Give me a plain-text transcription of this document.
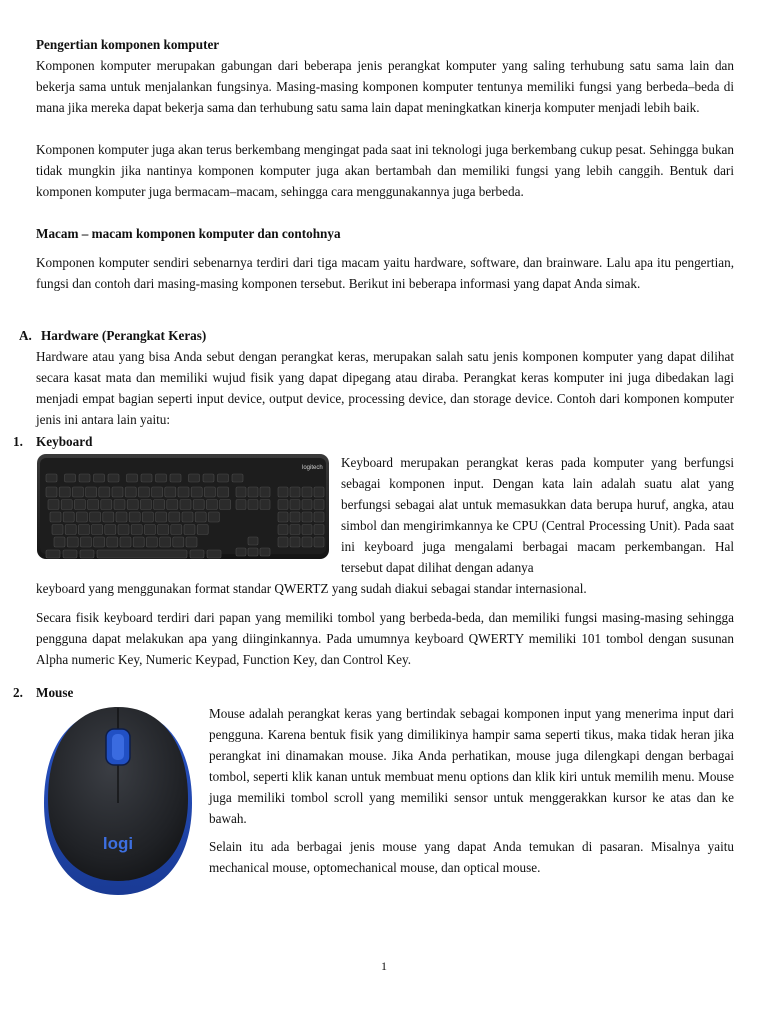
Pengertian komponen komputer

Komponen komputer merupakan gabungan dari beberapa jenis perangkat komputer yang saling terhubung satu sama lain dan bekerja sama untuk menjalankan fungsinya. Masing-masing komponen komputer tentunya memiliki fungsi yang berbeda–beda di mana jika mereka dapat bekerja sama dan terhubung satu sama lain dapat meningkatkan kinerja komputer menjadi lebih baik.

Komponen komputer juga akan terus berkembang mengingat pada saat ini teknologi juga berkembang cukup pesat. Sehingga bukan tidak mungkin jika nantinya komponen komputer juga akan bertambah dan memiliki fungsi yang lebih canggih. Bentuk dari komponen komputer juga bermacam–macam, sehingga cara menggunakannya juga berbeda.

Macam – macam komponen komputer dan contohnya

Komponen komputer sendiri sebenarnya terdiri dari tiga macam yaitu hardware, software, dan brainware. Lalu apa itu pengertian, fungsi dan contoh dari masing-masing komponen tersebut. Berikut ini beberapa informasi yang dapat Anda simak.

A. Hardware (Perangkat Keras)

Hardware atau yang bisa Anda sebut dengan perangkat keras, merupakan salah satu jenis komponen komputer yang dapat dilihat secara kasat mata dan memiliki wujud fisik yang dapat dipegang atau diraba. Perangkat keras komputer ini juga dibedakan lagi menjadi empat bagian seperti input device, output device, processing device, dan storage device. Contoh dari komponen komputer jenis ini antara lain yaitu:

1. Keyboard

logitech Keyboard merupakan perangkat keras pada komputer yang berfungsi sebagai komponen input. Dengan kata lain adalah suatu alat yang berfungsi sebagai alat untuk memasukkan data berupa huruf, angka, atau simbol dan mengirimkannya ke CPU (Central Processing Unit). Pada saat ini keyboard juga mengalami berbagai macam perkembangan. Hal tersebut dapat dilihat dengan adanya

keyboard yang menggunakan format standar QWERTZ yang sudah diakui sebagai standar internasional.

Secara fisik keyboard terdiri dari papan yang memiliki tombol yang berbeda-beda, dan memiliki fungsi masing-masing sehingga pengguna dapat melakukan apa yang diinginkannya. Pada umumnya keyboard QWERTY memiliki 101 tombol dengan susunan Alpha numeric Key, Numeric Keypad, Function Key, dan Control Key.

2. Mouse

logi

Mouse adalah perangkat keras yang bertindak sebagai komponen input yang menerima input dari pengguna. Karena bentuk fisik yang dimilikinya hampir sama seperti tikus, maka tidak heran jika perangkat ini dinamakan mouse. Jika Anda perhatikan, mouse juga dilengkapi dengan berbagai tombol, seperti klik kanan untuk membuat menu options dan klik kiri untuk memilih menu. Mouse juga memiliki tombol scroll yang memiliki sensor untuk menggerakkan kursor ke atas dan ke bawah.

Selain itu ada berbagai jenis mouse yang dapat Anda temukan di pasaran. Misalnya yaitu mechanical mouse, optomechanical mouse, dan optical mouse.

1
